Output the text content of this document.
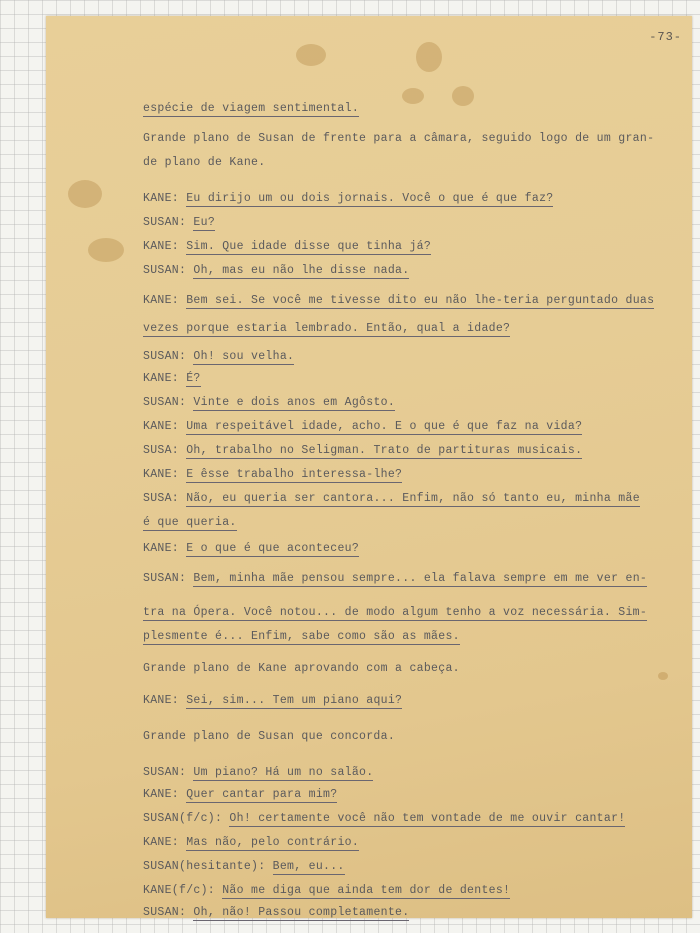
-73-
espécie de viagem sentimental.
Grande plano de Susan de frente para a câmara, seguido logo de um gran-
de plano de Kane.
KANE: Eu dirijo um ou dois jornais. Você o que é que faz?
SUSAN: Eu?
KANE: Sim. Que idade disse que tinha já?
SUSAN: Oh, mas eu não lhe disse nada.
KANE: Bem sei. Se você me tivesse dito eu não lhe-teria perguntado duas
vezes porque estaria lembrado. Então, qual a idade?
SUSAN: Oh! sou velha.
KANE: É?
SUSAN: Vinte e dois anos em Agôsto.
KANE: Uma respeitável idade, acho. E o que é que faz na vida?
SUSA: Oh, trabalho no Seligman. Trato de partituras musicais.
KANE: E êsse trabalho interessa-lhe?
SUSA: Não, eu queria ser cantora... Enfim, não só tanto eu, minha mãe
é que queria.
KANE: E o que é que aconteceu?
SUSAN: Bem, minha mãe pensou sempre... ela falava sempre em me ver en-
tra na Ópera. Você notou... de modo algum tenho a voz necessária. Sim-
plesmente é... Enfim, sabe como são as mães.
Grande plano de Kane aprovando com a cabeça.
KANE: Sei, sim... Tem um piano aqui?
Grande plano de Susan que concorda.
SUSAN: Um piano? Há um no salão.
KANE: Quer cantar para mim?
SUSAN(f/c): Oh! certamente você não tem vontade de me ouvir cantar!
KANE: Mas não, pelo contrário.
SUSAN(hesitante): Bem, eu...
KANE(f/c): Não me diga que ainda tem dor de dentes!
SUSAN: Oh, não! Passou completamente.
